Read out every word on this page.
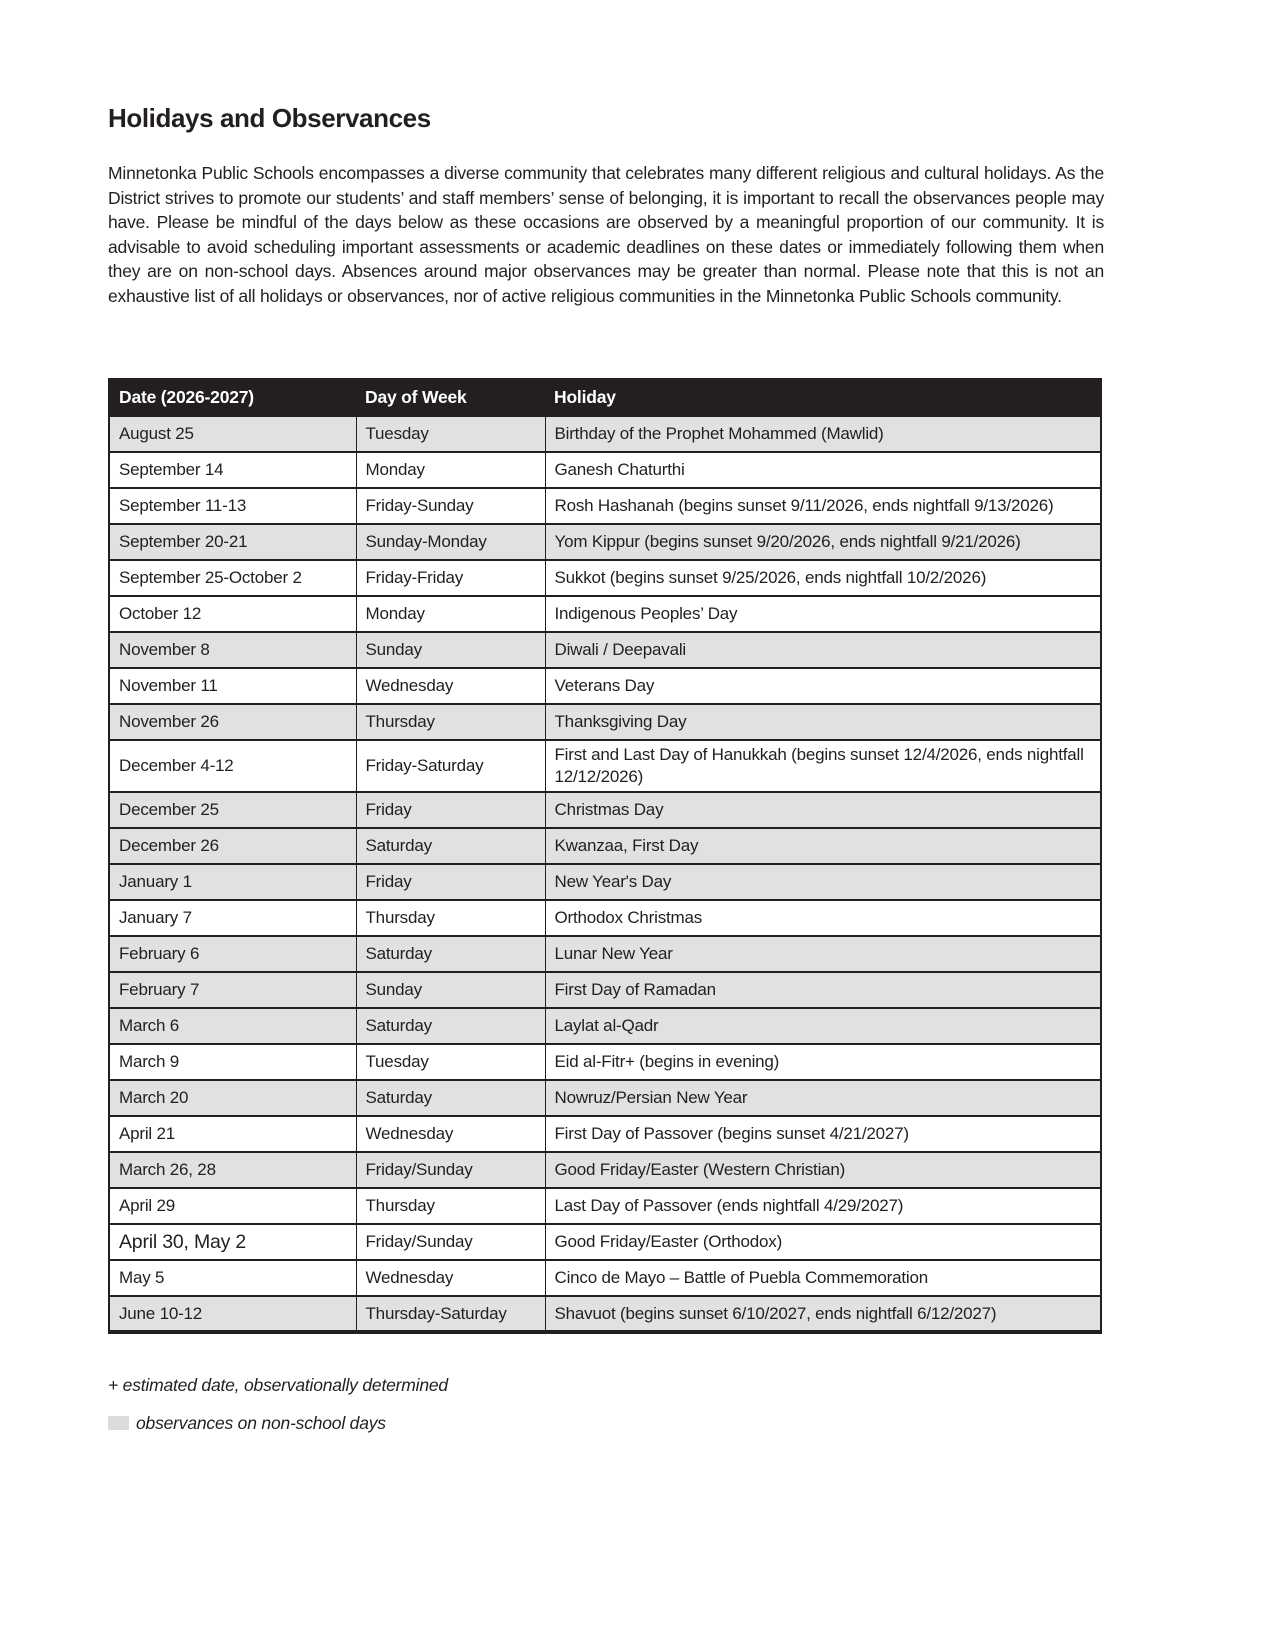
Holidays and Observances

Minnetonka Public Schools encompasses a diverse community that celebrates many different religious and cultural holidays. As the District strives to promote our students’ and staff members’ sense of belonging, it is important to recall the observances people may have. Please be mindful of the days below as these occasions are observed by a meaningful proportion of our community. It is advisable to avoid scheduling important assessments or academic deadlines on these dates or immediately following them when they are on non-school days. Absences around major observances may be greater than normal. Please note that this is not an exhaustive list of all holidays or observances, nor of active religious communities in the Minnetonka Public Schools community.

Date (2026-2027)	Day of Week	Holiday
August 25	Tuesday	Birthday of the Prophet Mohammed (Mawlid)
September 14	Monday	Ganesh Chaturthi
September 11-13	Friday-Sunday	Rosh Hashanah (begins sunset 9/11/2026, ends nightfall 9/13/2026)
September 20-21	Sunday-Monday	Yom Kippur (begins sunset 9/20/2026, ends nightfall 9/21/2026)
September 25-October 2	Friday-Friday	Sukkot (begins sunset 9/25/2026, ends nightfall 10/2/2026)
October 12	Monday	Indigenous Peoples’ Day
November 8	Sunday	Diwali / Deepavali
November 11	Wednesday	Veterans Day
November 26	Thursday	Thanksgiving Day
December 4-12	Friday-Saturday	First and Last Day of Hanukkah (begins sunset 12/4/2026, ends nightfall 12/12/2026)
December 25	Friday	Christmas Day
December 26	Saturday	Kwanzaa, First Day
January 1	Friday	New Year's Day
January 7	Thursday	Orthodox Christmas
February 6	Saturday	Lunar New Year
February 7	Sunday	First Day of Ramadan
March 6	Saturday	Laylat al-Qadr
March 9	Tuesday	Eid al-Fitr+ (begins in evening)
March 20	Saturday	Nowruz/Persian New Year
April 21	Wednesday	First Day of Passover (begins sunset 4/21/2027)
March 26, 28	Friday/Sunday	Good Friday/Easter (Western Christian)
April 29	Thursday	Last Day of Passover (ends nightfall 4/29/2027)
April 30, May 2	Friday/Sunday	Good Friday/Easter (Orthodox)
May 5	Wednesday	Cinco de Mayo – Battle of Puebla Commemoration
June 10-12	Thursday-Saturday	Shavuot (begins sunset 6/10/2027, ends nightfall 6/12/2027)

+ estimated date, observationally determined

observances on non-school days
